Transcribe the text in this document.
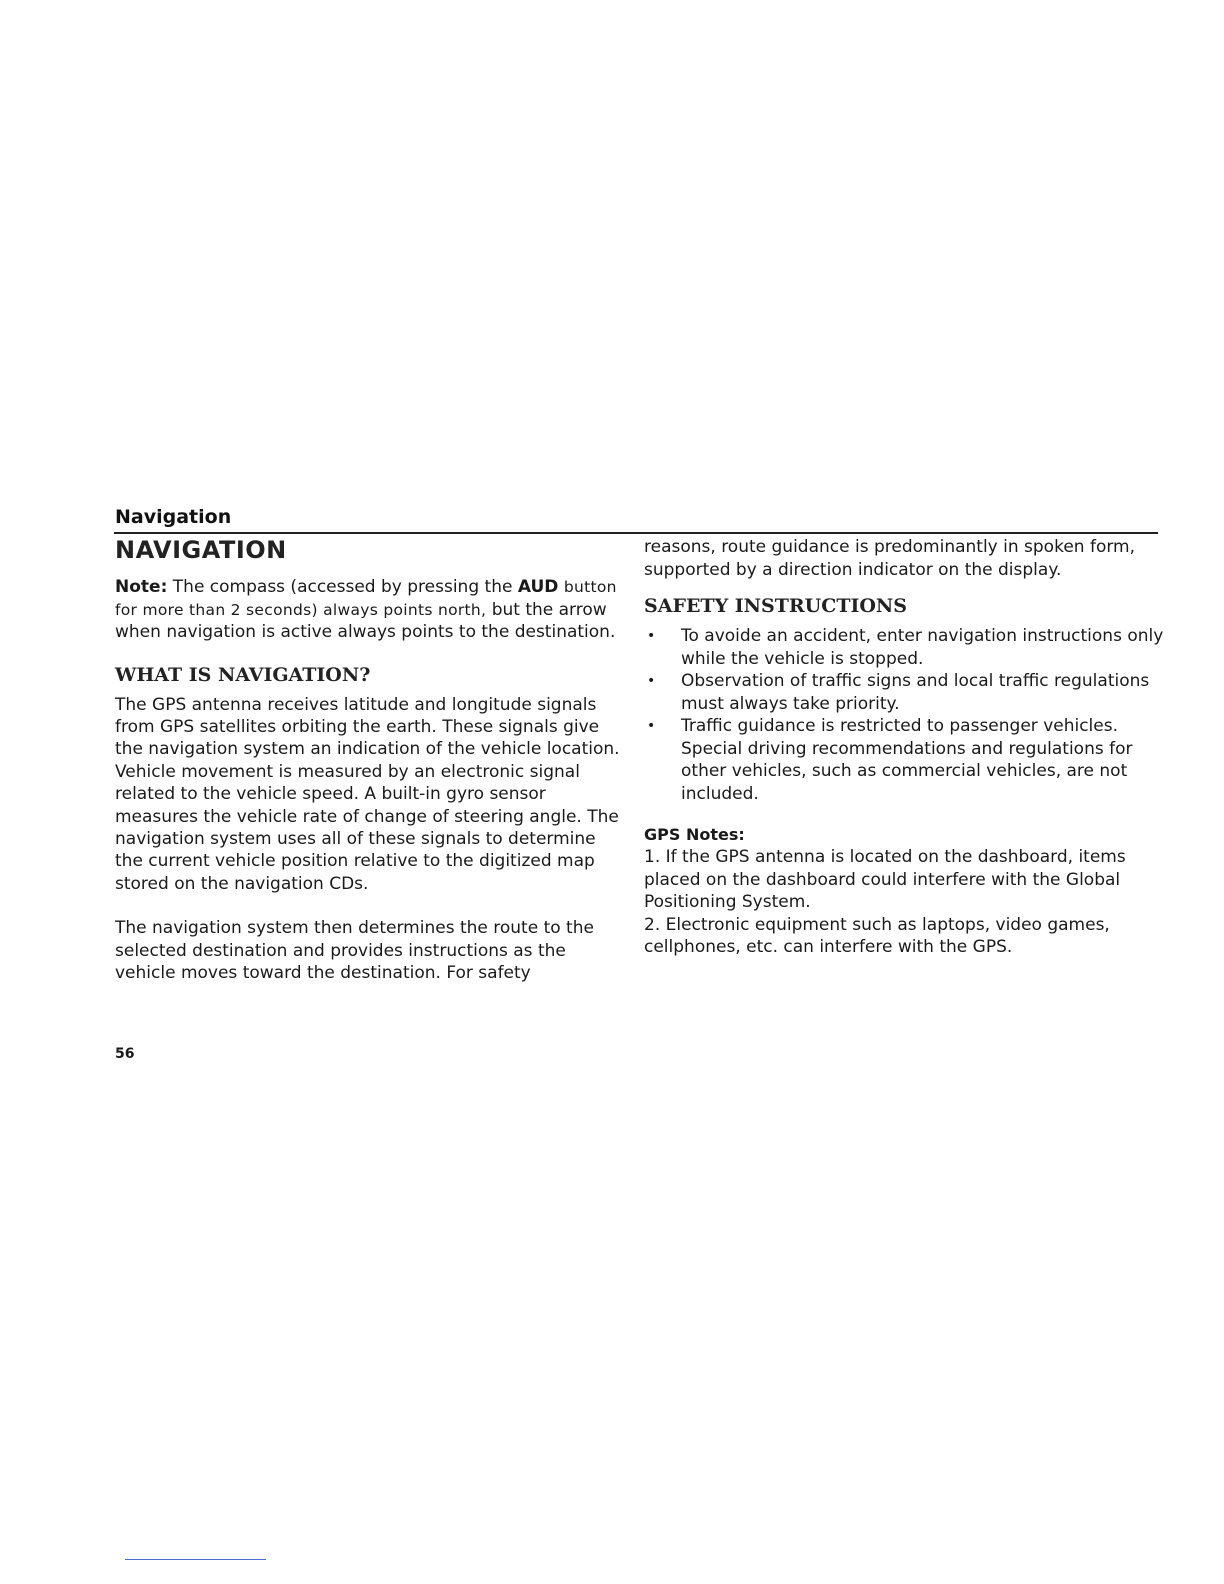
Navigation
NAVIGATION

Note: The compass (accessed by pressing the AUD button for more than 2 seconds) always points north, but the arrow when navigation is active always points to the destination.

WHAT IS NAVIGATION?

The GPS antenna receives latitude and longitude signals from GPS satellites orbiting the earth. These signals give the navigation system an indication of the vehicle location. Vehicle movement is measured by an electronic signal related to the vehicle speed. A built-in gyro sensor measures the vehicle rate of change of steering angle. The navigation system uses all of these signals to determine the current vehicle position relative to the digitized map stored on the navigation CDs.

The navigation system then determines the route to the selected destination and provides instructions as the vehicle moves toward the destination. For safety

reasons, route guidance is predominantly in spoken form, supported by a direction indicator on the display.

SAFETY INSTRUCTIONS
• To avoide an accident, enter navigation instructions only while the vehicle is stopped.
• Observation of traffic signs and local traffic regulations must always take priority.
• Traffic guidance is restricted to passenger vehicles. Special driving recommendations and regulations for other vehicles, such as commercial vehicles, are not included.
GPS Notes:

1. If the GPS antenna is located on the dashboard, items placed on the dashboard could interfere with the Global Positioning System.

2. Electronic equipment such as laptops, video games, cellphones, etc. can interfere with the GPS.

56
